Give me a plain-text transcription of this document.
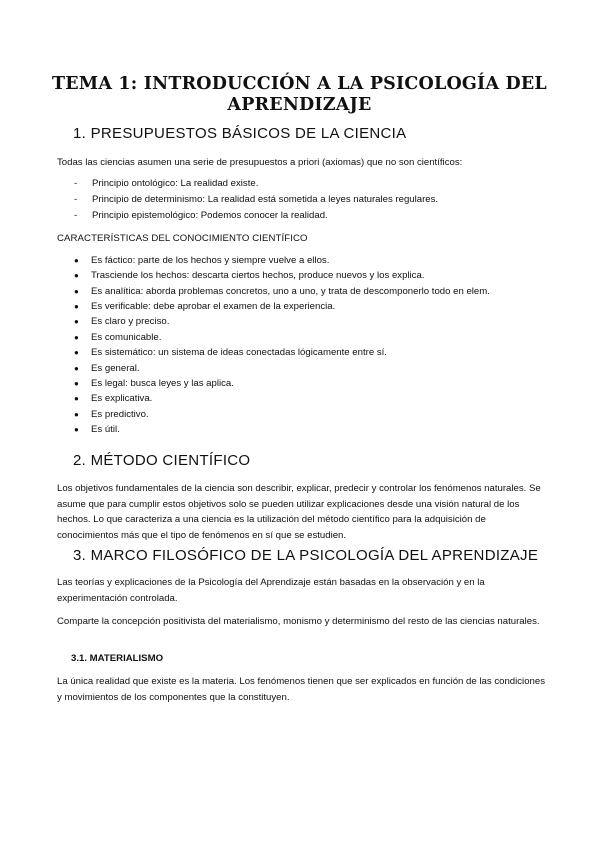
TEMA 1: INTRODUCCIÓN A LA PSICOLOGÍA DEL
APRENDIZAJE
1. PRESUPUESTOS BÁSICOS DE LA CIENCIA
Todas las ciencias asumen una serie de presupuestos a priori (axiomas) que no son científicos:
- Principio ontológico: La realidad existe.
- Principio de determinismo: La realidad está sometida a leyes naturales regulares.
- Principio epistemológico: Podemos conocer la realidad.
CARACTERÍSTICAS DEL CONOCIMIENTO CIENTÍFICO
● Es fáctico: parte de los hechos y siempre vuelve a ellos.
● Trasciende los hechos: descarta ciertos hechos, produce nuevos y los explica.
● Es analítica: aborda problemas concretos, uno a uno, y trata de descomponerlo todo en elem.
● Es verificable: debe aprobar el examen de la experiencia.
● Es claro y preciso.
● Es comunicable.
● Es sistemático: un sistema de ideas conectadas lógicamente entre sí.
● Es general.
● Es legal: busca leyes y las aplica.
● Es explicativa.
● Es predictivo.
● Es útil.
2. MÉTODO CIENTÍFICO
Los objetivos fundamentales de la ciencia son describir, explicar, predecir y controlar los fenómenos naturales. Se asume que para cumplir estos objetivos solo se pueden utilizar explicaciones desde una visión natural de los hechos. Lo que caracteriza a una ciencia es la utilización del método científico para la adquisición de conocimientos más que el tipo de fenómenos en sí que se estudien.
3. MARCO FILOSÓFICO DE LA PSICOLOGÍA DEL APRENDIZAJE
Las teorías y explicaciones de la Psicología del Aprendizaje están basadas en la observación y en la experimentación controlada.
Comparte la concepción positivista del materialismo, monismo y determinismo del resto de las ciencias naturales.
3.1. MATERIALISMO
La única realidad que existe es la materia. Los fenómenos tienen que ser explicados en función de las condiciones y movimientos de los componentes que la constituyen.
